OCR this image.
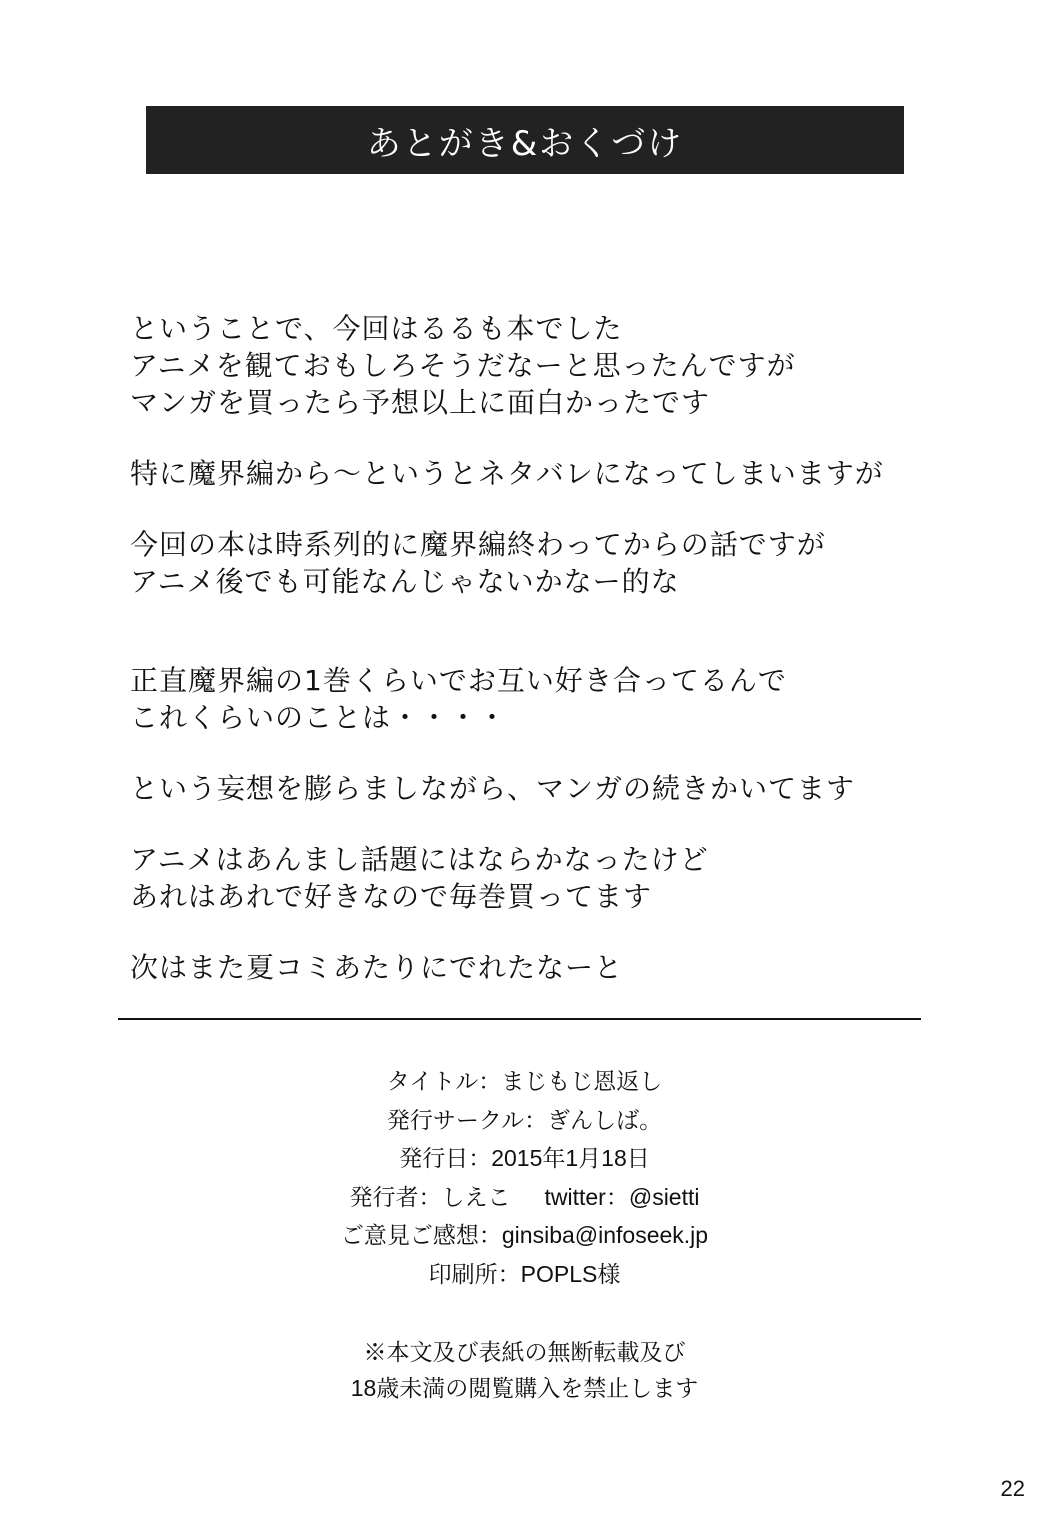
あとがき&おくづけ
ということで、今回はるるも本でした
アニメを観ておもしろそうだなーと思ったんですが
マンガを買ったら予想以上に面白かったです
特に魔界編から〜というとネタバレになってしまいますが
今回の本は時系列的に魔界編終わってからの話ですが
アニメ後でも可能なんじゃないかなー的な
正直魔界編の1巻くらいでお互い好き合ってるんで
これくらいのことは・・・・
という妄想を膨らましながら、マンガの続きかいてます
アニメはあんまし話題にはならかなったけど
あれはあれで好きなので毎巻買ってます
次はまた夏コミあたりにでれたなーと
タイトル：まじもじ恩返し
発行サークル：ぎんしば。
発行日：2015年1月18日
発行者：しえこ twitter：@sietti
ご意見ご感想：ginsiba@infoseek.jp
印刷所：POPLS様
※本文及び表紙の無断転載及び
18歳未満の閲覧購入を禁止します
22
